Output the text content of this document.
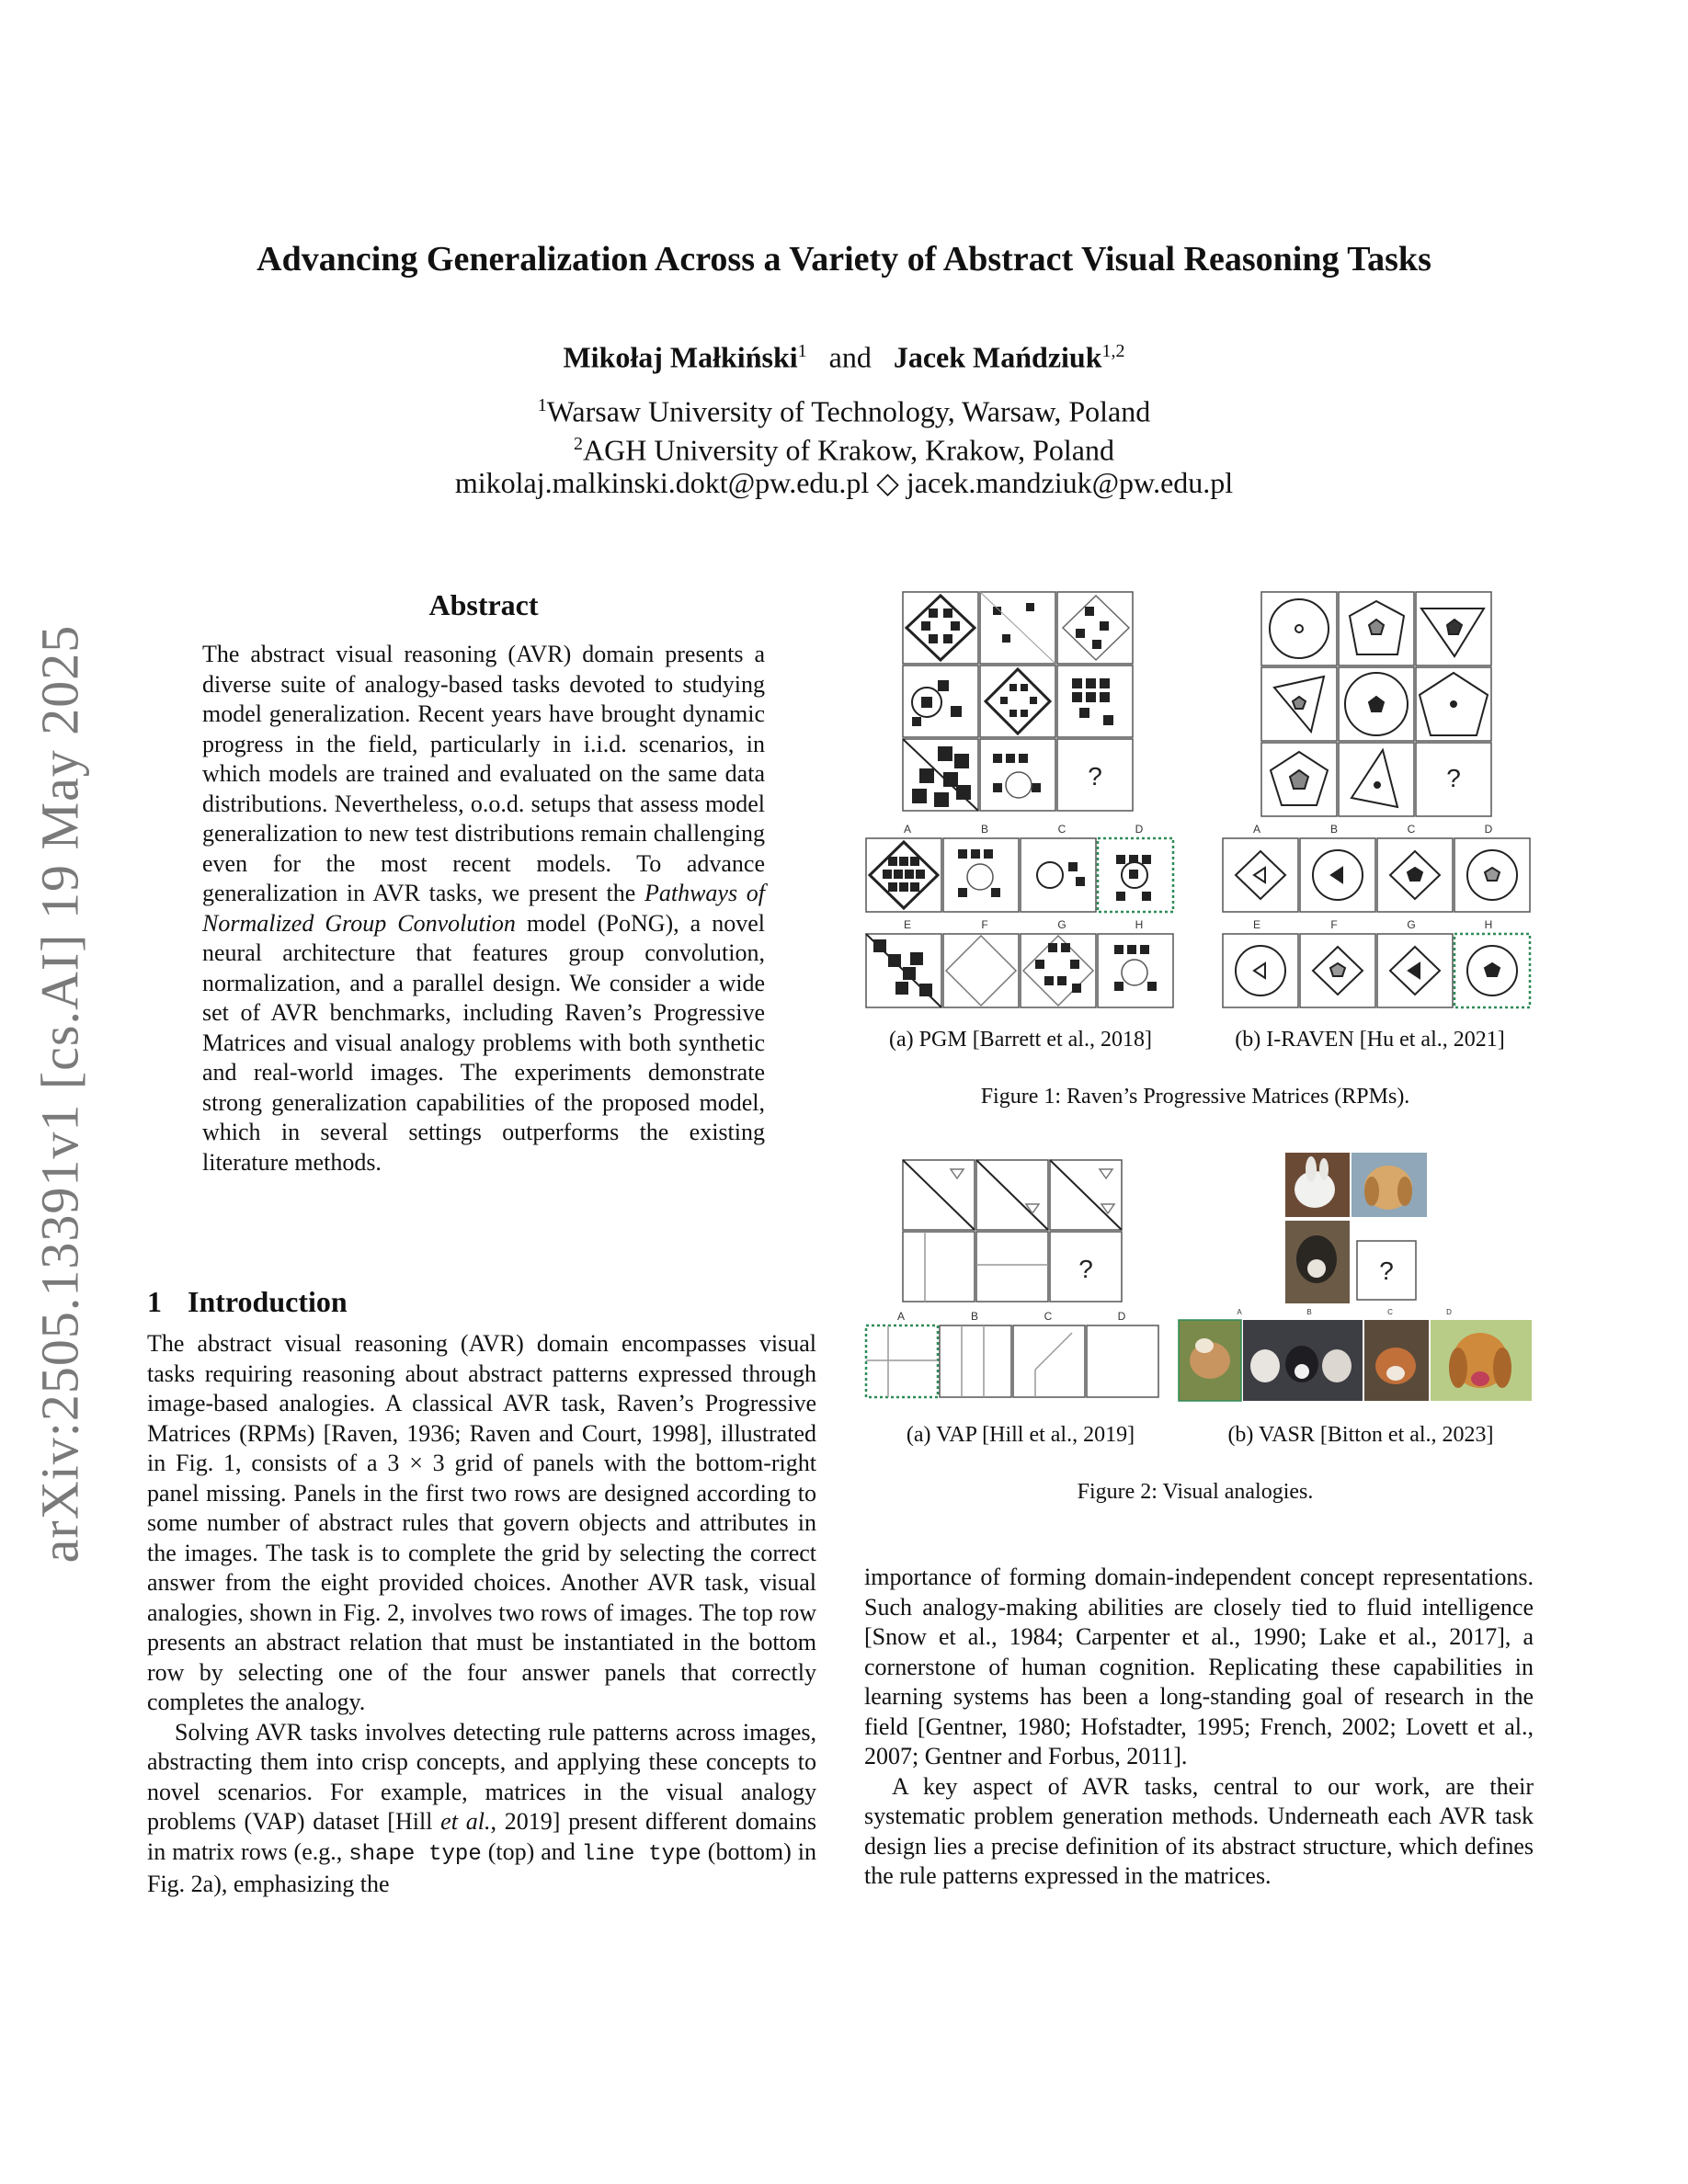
arXiv:2505.13391v1 [cs.AI] 19 May 2025
Advancing Generalization Across a Variety of Abstract Visual Reasoning Tasks
Mikołaj Małkiński$^1$ and Jacek Mańdziuk$^{1,2}$
$^1$Warsaw University of Technology, Warsaw, Poland
$^2$AGH University of Krakow, Krakow, Poland
mikolaj.malkinski.dokt@pw.edu.pl ◇ jacek.mandziuk@pw.edu.pl
Abstract
The abstract visual reasoning (AVR) domain presents a diverse suite of analogy-based tasks devoted to studying model generalization. Recent years have brought dynamic progress in the field, particularly in i.i.d. scenarios, in which models are trained and evaluated on the same data distributions. Nevertheless, o.o.d. setups that assess model generalization to new test distributions remain challenging even for the most recent models. To advance generalization in AVR tasks, we present the Pathways of Normalized Group Convolution model (PoNG), a novel neural architecture that features group convolution, normalization, and a parallel design. We consider a wide set of AVR benchmarks, including Raven’s Progressive Matrices and visual analogy problems with both synthetic and real-world images. The experiments demonstrate strong generalization capabilities of the proposed model, which in several settings outperforms the existing literature methods.
1 Introduction

The abstract visual reasoning (AVR) domain encompasses visual tasks requiring reasoning about abstract patterns expressed through image-based analogies. A classical AVR task, Raven’s Progressive Matrices (RPMs) [Raven, 1936; Raven and Court, 1998], illustrated in Fig. 1, consists of a 3 × 3 grid of panels with the bottom-right panel missing. Panels in the first two rows are designed according to some number of abstract rules that govern objects and attributes in the images. The task is to complete the grid by selecting the correct answer from the eight provided choices. Another AVR task, visual analogies, shown in Fig. 2, involves two rows of images. The top row presents an abstract relation that must be instantiated in the bottom row by selecting one of the four answer panels that correctly completes the analogy.

Solving AVR tasks involves detecting rule patterns across images, abstracting them into crisp concepts, and applying these concepts to novel scenarios. For example, matrices in the visual analogy problems (VAP) dataset [Hill et al., 2019] present different domains in matrix rows (e.g., shape type (top) and line type (bottom) in Fig. 2a), emphasizing the

importance of forming domain-independent concept representations. Such analogy-making abilities are closely tied to fluid intelligence [Snow et al., 1984; Carpenter et al., 1990; Lake et al., 2017], a cornerstone of human cognition. Replicating these capabilities in learning systems has been a long-standing goal of research in the field [Gentner, 1980; Hofstadter, 1995; French, 2002; Lovett et al., 2007; Gentner and Forbus, 2011].

A key aspect of AVR tasks, central to our work, are their systematic problem generation methods. Underneath each AVR task design lies a precise definition of its abstract structure, which defines the rule patterns expressed in the matrices.

?
A	B	C	D
E	F	G	H
?
A	B	C	D
E	F	G	H
(a) PGM [Barrett et al., 2018]	(b) I-RAVEN [Hu et al., 2021]
Figure 1: Raven’s Progressive Matrices (RPMs).
?
A	B	C	D
?
A	B	C	D
(a) VAP [Hill et al., 2019]	(b) VASR [Bitton et al., 2023]
Figure 2: Visual analogies.
